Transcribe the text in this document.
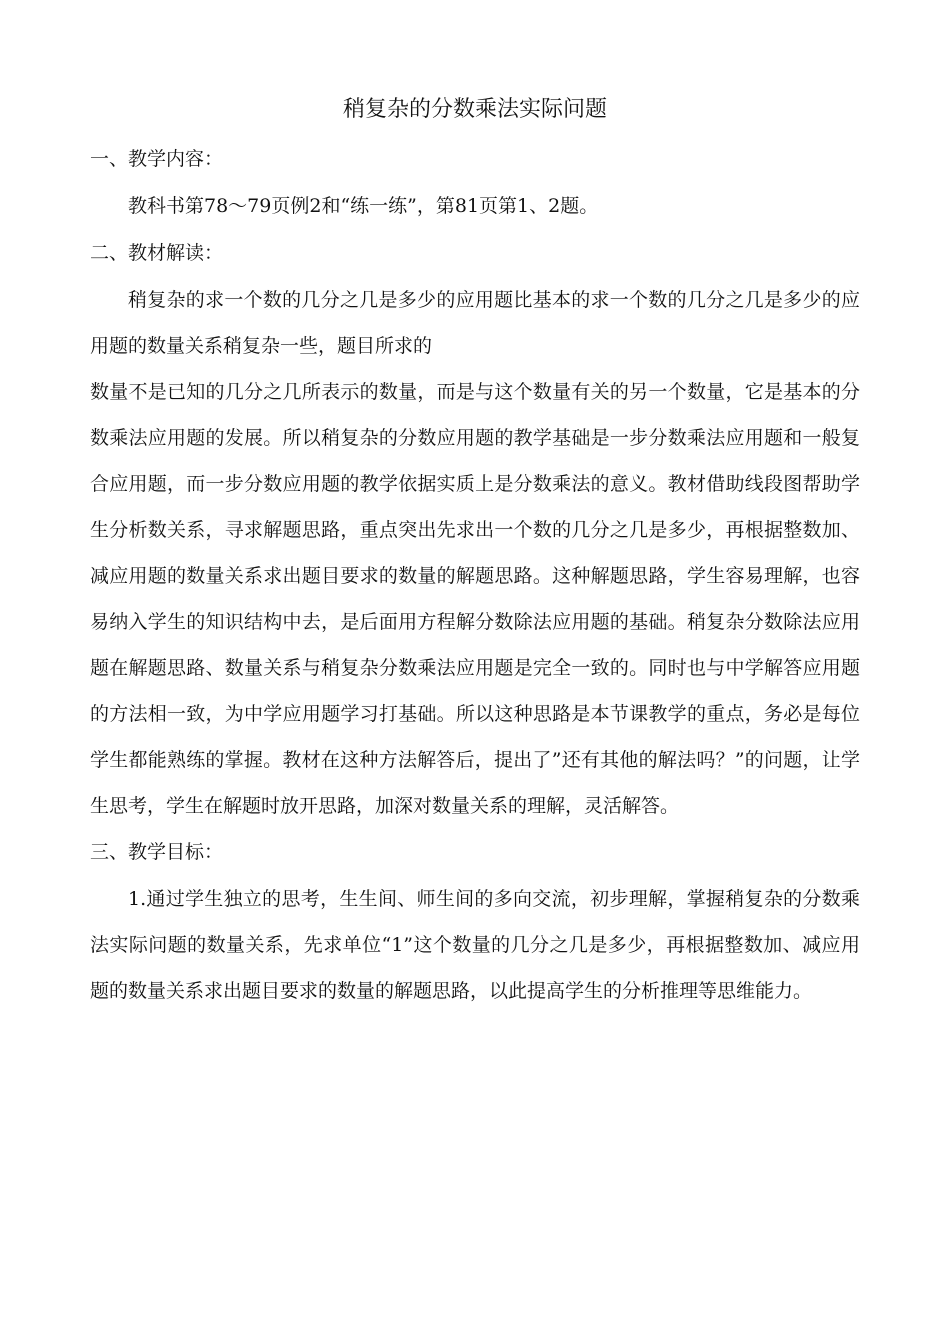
稍复杂的分数乘法实际问题

一、教学内容：

教科书第78～79页例2和“练一练”，第81页第1、2题。

二、教材解读：

稍复杂的求一个数的几分之几是多少的应用题比基本的求一个数的几分之几是多少的应用题的数量关系稍复杂一些，题目所求的

数量不是已知的几分之几所表示的数量，而是与这个数量有关的另一个数量，它是基本的分数乘法应用题的发展。所以稍复杂的分数应用题的教学基础是一步分数乘法应用题和一般复合应用题，而一步分数应用题的教学依据实质上是分数乘法的意义。教材借助线段图帮助学生分析数关系，寻求解题思路，重点突出先求出一个数的几分之几是多少，再根据整数加、减应用题的数量关系求出题目要求的数量的解题思路。这种解题思路，学生容易理解，也容易纳入学生的知识结构中去，是后面用方程解分数除法应用题的基础。稍复杂分数除法应用题在解题思路、数量关系与稍复杂分数乘法应用题是完全一致的。同时也与中学解答应用题的方法相一致，为中学应用题学习打基础。所以这种思路是本节课教学的重点，务必是每位学生都能熟练的掌握。教材在这种方法解答后，提出了”还有其他的解法吗？”的问题，让学生思考，学生在解题时放开思路，加深对数量关系的理解，灵活解答。

三、教学目标：

1.通过学生独立的思考，生生间、师生间的多向交流，初步理解，掌握稍复杂的分数乘法实际问题的数量关系，先求单位“1”这个数量的几分之几是多少，再根据整数加、减应用题的数量关系求出题目要求的数量的解题思路，以此提高学生的分析推理等思维能力。
